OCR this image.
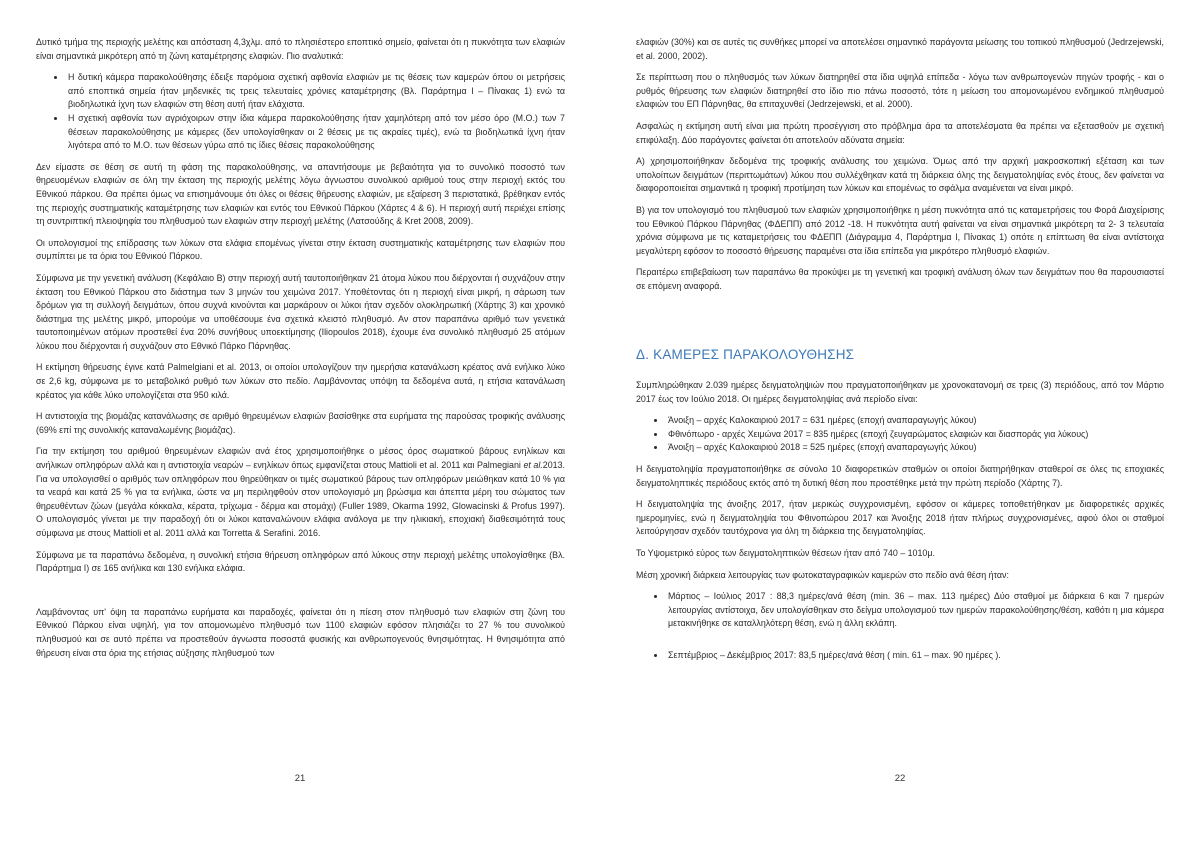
Δυτικό τμήμα της περιοχής μελέτης και απόσταση 4,3χλμ. από το πλησιέστερο εποπτικό σημείο, φαίνεται ότι η πυκνότητα των ελαφιών είναι σημαντικά μικρότερη από τη ζώνη καταμέτρησης ελαφιών. Πιο αναλυτικά:

• Η δυτική κάμερα παρακολούθησης έδειξε παρόμοια σχετική αφθονία ελαφιών με τις θέσεις των καμερών όπου οι μετρήσεις από εποπτικά σημεία ήταν μηδενικές τις τρεις τελευταίες χρόνιες καταμέτρησης (Βλ. Παράρτημα Ι – Πίνακας 1) ενώ τα βιοδηλωτικά ίχνη των ελαφιών στη θέση αυτή ήταν ελάχιστα.
• Η σχετική αφθονία των αγριόχοιρων στην ίδια κάμερα παρακολούθησης ήταν χαμηλότερη από τον μέσο όρο (Μ.Ο.) των 7 θέσεων παρακολούθησης με κάμερες (δεν υπολογίσθηκαν οι 2 θέσεις με τις ακραίες τιμές), ενώ τα βιοδηλωτικά ίχνη ήταν λιγότερα από το Μ.Ο. των θέσεων γύρω από τις ίδιες θέσεις παρακολούθησης

Δεν είμαστε σε θέση σε αυτή τη φάση της παρακολούθησης, να απαντήσουμε με βεβαιότητα για το συνολικό ποσοστό των θηρευομένων ελαφιών σε όλη την έκταση της περιοχής μελέτης λόγω άγνωστου συνολικού αριθμού τους στην περιοχή εκτός του Εθνικού πάρκου. Θα πρέπει όμως να επισημάνουμε ότι όλες οι θέσεις θήρευσης ελαφιών, με εξαίρεση 3 περιστατικά, βρέθηκαν εντός της περιοχής συστηματικής καταμέτρησης των ελαφιών και εντός του Εθνικού Πάρκου (Χάρτες 4 & 6). Η περιοχή αυτή περιέχει επίσης τη συντριπτική πλειοψηφία του πληθυσμού των ελαφιών στην περιοχή μελέτης (Λατσούδης & Kret 2008, 2009).

Οι υπολογισμοί της επίδρασης των λύκων στα ελάφια επομένως γίνεται στην έκταση συστηματικής καταμέτρησης των ελαφιών που συμπίπτει με τα όρια του Εθνικού Πάρκου.

Σύμφωνα με την γενετική ανάλυση (Κεφάλαιο Β) στην περιοχή αυτή ταυτοποιήθηκαν 21 άτομα λύκου που διέρχονται ή συχνάζουν στην έκταση του Εθνικού Πάρκου στο διάστημα των 3 μηνών του χειμώνα 2017. Υποθέτοντας ότι η περιοχή είναι μικρή, η σάρωση των δρόμων για τη συλλογή δειγμάτων, όπου συχνά κινούνται και μαρκάρουν οι λύκοι ήταν σχεδόν ολοκληρωτική (Χάρτης 3) και χρονικό διάστημα της μελέτης μικρό, μπορούμε να υποθέσουμε ένα σχετικά κλειστό πληθυσμό. Αν στον παραπάνω αριθμό των γενετικά ταυτοποιημένων ατόμων προστεθεί ένα 20% συνήθους υποεκτίμησης (Iliopoulos 2018), έχουμε ένα συνολικό πληθυσμό 25 ατόμων λύκου που διέρχονται ή συχνάζουν στο Εθνικό Πάρκο Πάρνηθας.

Η εκτίμηση θήρευσης έγινε κατά Palmelgiani et al. 2013, οι οποίοι υπολογίζουν την ημερήσια κατανάλωση κρέατος ανά ενήλικο λύκο σε 2,6 kg, σύμφωνα με το μεταβολικό ρυθμό των λύκων στο πεδίο. Λαμβάνοντας υπόψη τα δεδομένα αυτά, η ετήσια κατανάλωση κρέατος για κάθε λύκο υπολογίζεται στα 950 κιλά.

Η αντιστοιχία της βιομάζας κατανάλωσης σε αριθμό θηρευμένων ελαφιών βασίσθηκε στα ευρήματα της παρούσας τροφικής ανάλυσης (69% επί της συνολικής καταναλωμένης βιομάζας).

Για την εκτίμηση του αριθμού θηρευμένων ελαφιών ανά έτος χρησιμοποιήθηκε ο μέσος όρος σωματικού βάρους ενηλίκων και ανήλικων οπληφόρων αλλά και η αντιστοιχία νεαρών – ενηλίκων όπως εμφανίζεται στους Mattioli et al. 2011 και Palmegiani et al.2013. Για να υπολογισθεί ο αριθμός των οπληφόρων που θηρεύθηκαν οι τιμές σωματικού βάρους των οπληφόρων μειώθηκαν κατά 10 % για τα νεαρά και κατά 25 % για τα ενήλικα, ώστε να μη περιληφθούν στον υπολογισμό μη βρώσιμα και άπεπτα μέρη του σώματος των θηρευθέντων ζώων (μεγάλα κόκκαλα, κέρατα, τρίχωμα - δέρμα και στομάχι) (Fuller 1989, Okarma 1992, Glowacinski & Profus 1997). Ο υπολογισμός γίνεται με την παραδοχή ότι οι λύκοι καταναλώνουν ελάφια ανάλογα με την ηλικιακή, εποχιακή διαθεσιμότητά τους σύμφωνα με στους Mattioli et al. 2011 αλλά και Torretta & Serafini. 2016.

Σύμφωνα με τα παραπάνω δεδομένα, η συνολική ετήσια θήρευση οπληφόρων από λύκους στην περιοχή μελέτης υπολογίσθηκε (Βλ. Παράρτημα Ι) σε 165 ανήλικα και 130 ενήλικα ελάφια.

Λαμβάνοντας υπ' όψη τα παραπάνω ευρήματα και παραδοχές, φαίνεται ότι η πίεση στον πληθυσμό των ελαφιών στη ζώνη του Εθνικού Πάρκου είναι υψηλή, για τον απομονωμένο πληθυσμό των 1100 ελαφιών εφόσον πλησιάζει το 27 % του συνολικού πληθυσμού και σε αυτό πρέπει να προστεθούν άγνωστα ποσοστά φυσικής και ανθρωπογενούς θνησιμότητας. Η θνησιμότητα από θήρευση είναι στα όρια της ετήσιας αύξησης πληθυσμού των

21

ελαφιών (30%) και σε αυτές τις συνθήκες μπορεί να αποτελέσει σημαντικό παράγοντα μείωσης του τοπικού πληθυσμού (Jedrzejewski, et al. 2000, 2002).

Σε περίπτωση που ο πληθυσμός των λύκων διατηρηθεί στα ίδια υψηλά επίπεδα - λόγω των ανθρωπογενών πηγών τροφής - και ο ρυθμός θήρευσης των ελαφιών διατηρηθεί στο ίδιο πιο πάνω ποσοστό, τότε η μείωση του απομονωμένου ενδημικού πληθυσμού ελαφιών του ΕΠ Πάρνηθας, θα επιταχυνθεί (Jedrzejewski, et al. 2000).

Ασφαλώς η εκτίμηση αυτή είναι μια πρώτη προσέγγιση στο πρόβλημα άρα τα αποτελέσματα θα πρέπει να εξετασθούν με σχετική επιφύλαξη. Δύο παράγοντες φαίνεται ότι αποτελούν αδύνατα σημεία:

Α) χρησιμοποιήθηκαν δεδομένα της τροφικής ανάλυσης του χειμώνα. Όμως από την αρχική μακροσκοπική εξέταση και των υπολοίπων δειγμάτων (περιττωμάτων) λύκου που συλλέχθηκαν κατά τη διάρκεια όλης της δειγματοληψίας ενός έτους, δεν φαίνεται να διαφοροποιείται σημαντικά η τροφική προτίμηση των λύκων και επομένως το σφάλμα αναμένεται να είναι μικρό.

Β) για τον υπολογισμό του πληθυσμού των ελαφιών χρησιμοποιήθηκε η μέση πυκνότητα από τις καταμετρήσεις του Φορά Διαχείρισης του Εθνικού Πάρκου Πάρνηθας (ΦΔΕΠΠ) από 2012 -18. Η πυκνότητα αυτή φαίνεται να είναι σημαντικά μικρότερη τα 2- 3 τελευταία χρόνια σύμφωνα με τις καταμετρήσεις του ΦΔΕΠΠ (Διάγραμμα 4, Παράρτημα Ι, Πίνακας 1) οπότε η επίπτωση θα είναι αντίστοιχα μεγαλύτερη εφόσον το ποσοστό θήρευσης παραμένει στα ίδια επίπεδα για μικρότερο πληθυσμό ελαφιών.

Περαιτέρω επιβεβαίωση των παραπάνω θα προκύψει με τη γενετική και τροφική ανάλυση όλων των δειγμάτων που θα παρουσιαστεί σε επόμενη αναφορά.

Δ. ΚΑΜΕΡΕΣ ΠΑΡΑΚΟΛΟΥΘΗΣΗΣ

Συμπληρώθηκαν 2.039 ημέρες δειγματοληψιών που πραγματοποιήθηκαν με χρονοκατανομή σε τρεις (3) περιόδους, από τον Μάρτιο 2017 έως τον Ιούλιο 2018. Οι ημέρες δειγματοληψίας ανά περίοδο είναι:

• Άνοιξη – αρχές Καλοκαιριού 2017 = 631 ημέρες (εποχή αναπαραγωγής λύκου)
• Φθινόπωρο - αρχές Χειμώνα 2017 = 835 ημέρες (εποχή ζευγαρώματος ελαφιών και διασποράς για λύκους)
• Άνοιξη – αρχές Καλοκαιριού 2018 = 525 ημέρες (εποχή αναπαραγωγής λύκου)

Η δειγματοληψία πραγματοποιήθηκε σε σύνολο 10 διαφορετικών σταθμών οι οποίοι διατηρήθηκαν σταθεροί σε όλες τις εποχιακές δειγματοληπτικές περιόδους εκτός από τη δυτική θέση που προστέθηκε μετά την πρώτη περίοδο (Χάρτης 7).

Η δειγματοληψία της άνοιξης 2017, ήταν μερικώς συγχρονισμένη, εφόσον οι κάμερες τοποθετήθηκαν με διαφορετικές αρχικές ημερομηνίες, ενώ η δειγματοληψία του Φθινοπώρου 2017 και Άνοιξης 2018 ήταν πλήρως συγχρονισμένες, αφού όλοι οι σταθμοί λειτούργησαν σχεδόν ταυτόχρονα για όλη τη διάρκεια της δειγματοληψίας.

Το Υψομετρικό εύρος των δειγματοληπτικών θέσεων ήταν από 740 – 1010μ.

Μέση χρονική διάρκεια λειτουργίας των φωτοκαταγραφικών καμερών στο πεδίο ανά θέση ήταν:

• Μάρτιος – Ιούλιος 2017 : 88,3 ημέρες/ανά θέση (min. 36 – max. 113 ημέρες) Δύο σταθμοί με διάρκεια 6 και 7 ημερών λειτουργίας αντίστοιχα, δεν υπολογίσθηκαν στο δείγμα υπολογισμού των ημερών παρακολούθησης/θέση, καθότι η μια κάμερα μετακινήθηκε σε καταλληλότερη θέση, ενώ η άλλη εκλάπη.
• Σεπτέμβριος – Δεκέμβριος 2017: 83,5 ημέρες/ανά θέση ( min. 61 – max. 90 ημέρες ).
22
